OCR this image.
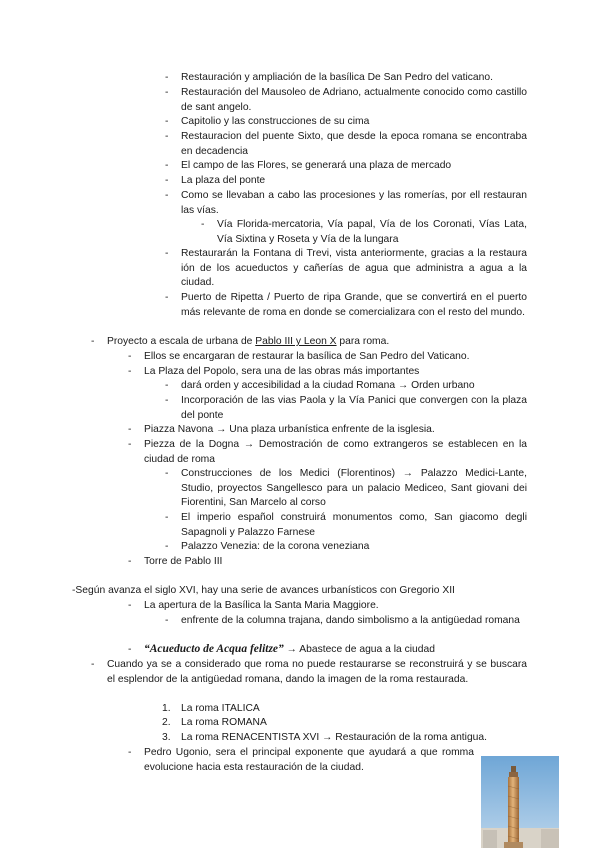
- Restauración y ampliación de la basílica De San Pedro del vaticano.

- Restauración del Mausoleo de Adriano, actualmente conocido como castillo de sant angelo.

- Capitolio y las construcciones de su cima

- Restauracion del puente Sixto, que desde la epoca romana se encontraba en decadencia

- El campo de las Flores, se generará una plaza de mercado

- La plaza del ponte

- Como se llevaban a cabo las procesiones y las romerías, por ell restauran las vías.

- Vía Florida-mercatoria, Vía papal, Vía de los Coronati, Vías Lata, Vía Sixtina y Roseta y Vía de la lungara

- Restaurarán la Fontana di Trevi, vista anteriormente, gracias a la restaura ión de los acueductos y cañerías de agua que administra a agua a la ciudad.

- Puerto de Ripetta / Puerto de ripa Grande, que se convertirá en el puerto más relevante de roma en donde se comercializara con el resto del mundo.

- Proyecto a escala de urbana de Pablo III y Leon X para roma.

- Ellos se encargaran de restaurar la basílica de San Pedro del Vaticano.

- La Plaza del Popolo, sera una de las obras más importantes

- dará orden y accesibilidad a la ciudad Romana → Orden urbano

- Incorporación de las vias Paola y la Vía Panici que convergen con la plaza del ponte

- Piazza Navona → Una plaza urbanística enfrente de la isglesia.

- Piezza de la Dogna → Demostración de como extrangeros se establecen en la ciudad de roma

- Construcciones de los Medici (Florentinos) → Palazzo Medici-Lante, Studio, proyectos Sangellesco para un palacio Mediceo, Sant giovani dei Fiorentini, San Marcelo al corso

- El imperio español construirá monumentos como, San giacomo degli Sapagnoli y Palazzo Farnese

- Palazzo Venezia: de la corona veneziana

- Torre de Pablo III

-Según avanza el siglo XVI, hay una serie de avances urbanísticos con Gregorio XII

- La apertura de la Basílica la Santa Maria Maggiore.

- enfrente de la columna trajana, dando simbolismo a la antigüedad romana

- “Acueducto de Acqua felitze” → Abastece de agua a la ciudad

- Cuando ya se a considerado que roma no puede restaurarse se reconstruirá y se buscara el esplendor de la antigüedad romana, dando la imagen de la roma restaurada.

1. La roma ITALICA

2. La roma ROMANA

3. La roma RENACENTISTA XVI → Restauración de la roma antigua.

- Pedro Ugonio, sera el principal exponente que ayudará a que romma evolucione hacia esta restauración de la ciudad.
